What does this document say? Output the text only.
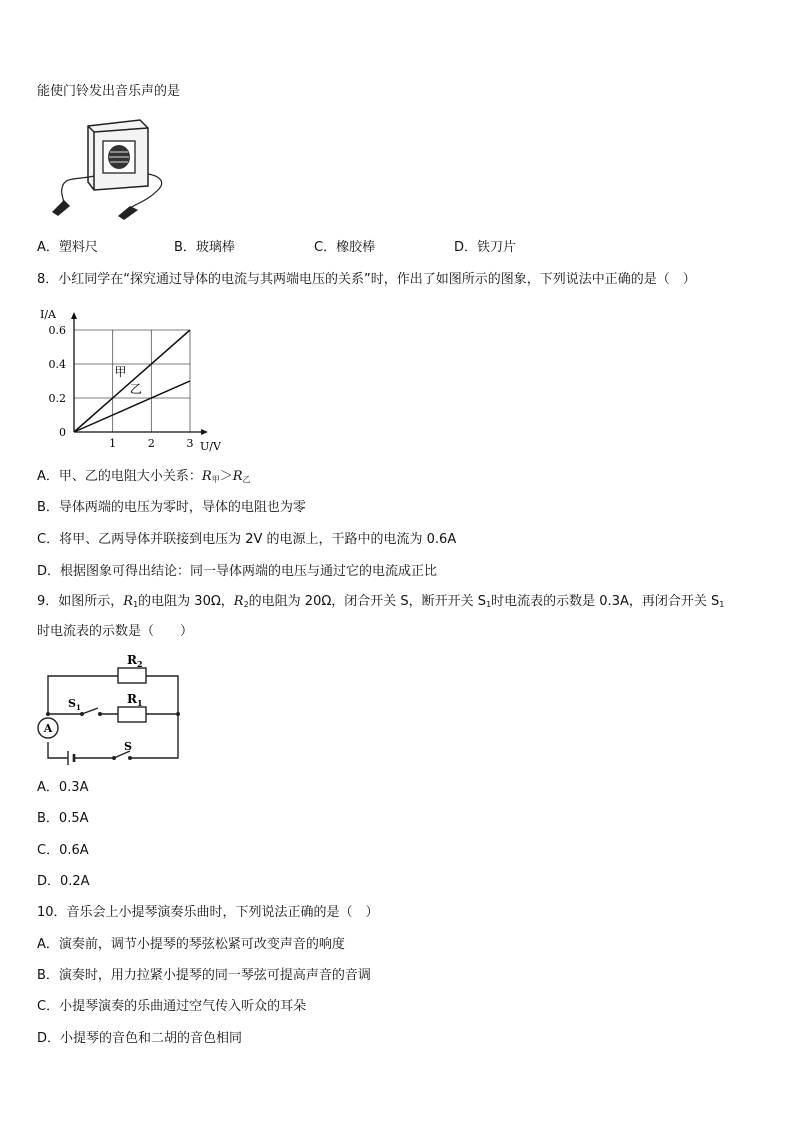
能使门铃发出音乐声的是
A．塑料尺	B．玻璃棒	C．橡胶棒	D．铁刀片
8．小红同学在“探究通过导体的电流与其两端电压的关系”时，作出了如图所示的图象，下列说法中正确的是（　）
甲
乙
1	2	3
0.2
0.4
0.6
0
U/V
I/A
A．甲、乙的电阻大小关系：$R_甲>R_乙$
B．导体两端的电压为零时，导体的电阻也为零
C．将甲、乙两导体并联接到电压为 2V 的电源上，干路中的电流为 0.6A
D．根据图象可得出结论：同一导体两端的电压与通过它的电流成正比
9．如图所示，$R_1$的电阻为 30Ω，$R_2$的电阻为 20Ω，闭合开关 S，断开开关 $S_1$时电流表的示数是 0.3A，再闭合开关 $S_1$
时电流表的示数是（　　）
A
$R_2$
$R_1$
$S_1$
S
A．0.3A
B．0.5A
C．0.6A
D．0.2A
10．音乐会上小提琴演奏乐曲时，下列说法正确的是（　）
A．演奏前，调节小提琴的琴弦松紧可改变声音的响度
B．演奏时，用力拉紧小提琴的同一琴弦可提高声音的音调
C．小提琴演奏的乐曲通过空气传入听众的耳朵
D．小提琴的音色和二胡的音色相同
